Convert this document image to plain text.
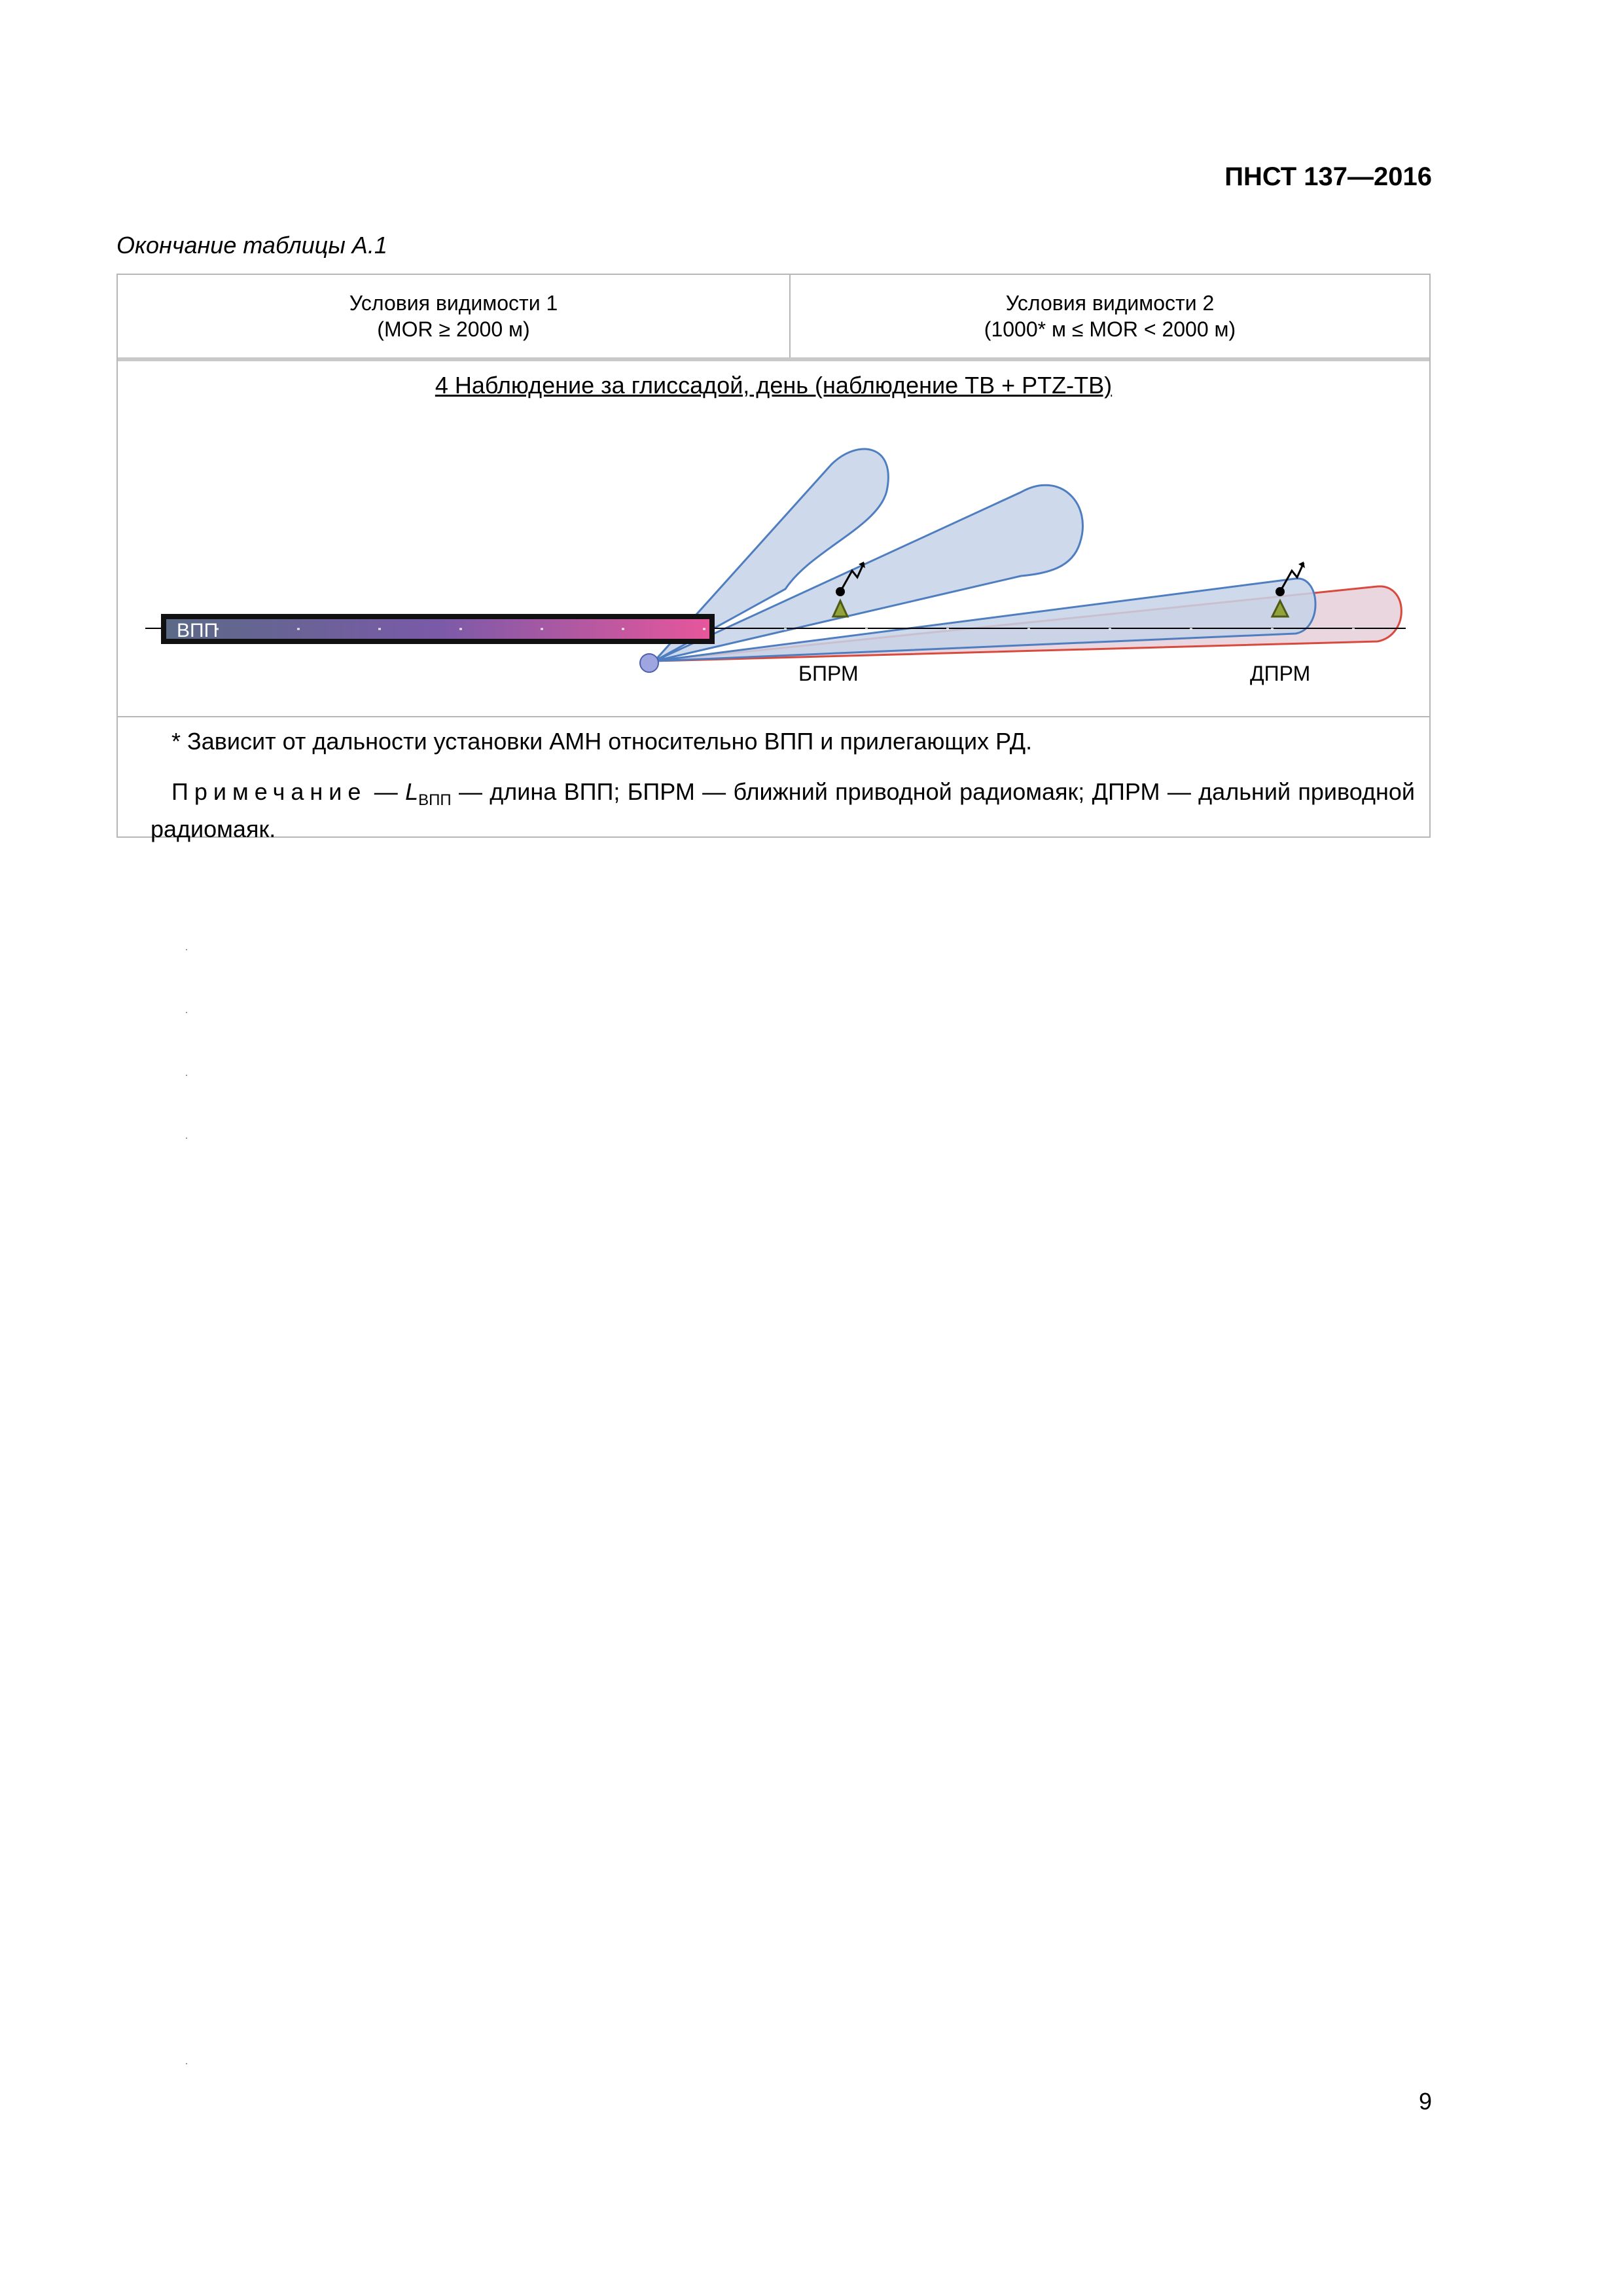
ПНСТ 137—2016
Окончание таблицы А.1
Условия видимости 1
(MOR ≥ 2000 м)
Условия видимости 2
(1000* м ≤ MOR < 2000 м)
4 Наблюдение за глиссадой, день (наблюдение ТВ + PTZ-ТВ)
ВПП
БПРМ	ДПРМ
* Зависит от дальности установки АМН относительно ВПП и прилегающих РД.
Примечание — $L_{ВПП}$ — длина ВПП; БПРМ — ближний приводной радиомаяк; ДПРМ — дальний приводной радиомаяк.
9
